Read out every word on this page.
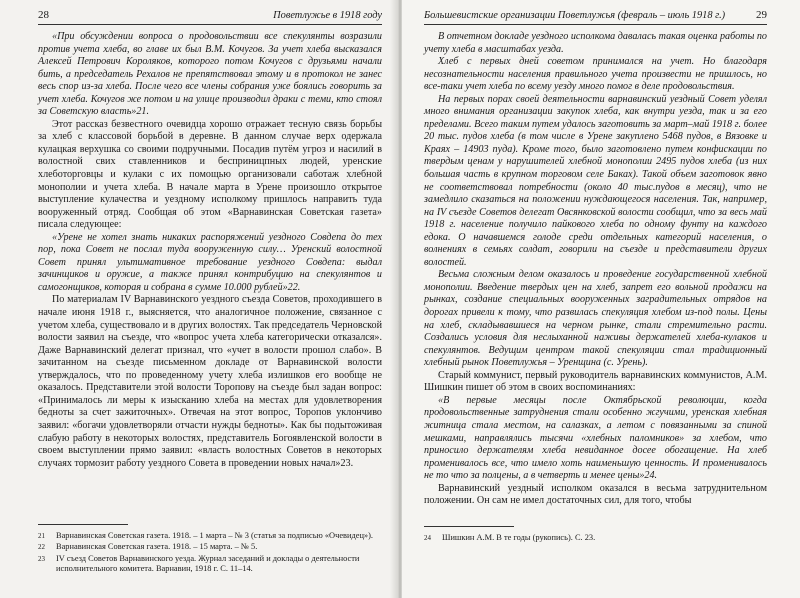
28	Поветлужье в 1918 году

«При обсуждении вопроса о продовольствии все спекулянты возразили против учета хлеба, во главе их был В.М. Кочугов. За учет хлеба высказался Алексей Петрович Короляков, которого потом Кочугов с друзьями начали бить, а председатель Рехалов не препятствовал этому и в протокол не занес весь спор из-за хлеба. После чего все члены собрания уже боялись говорить за учет хлеба. Кочугов же потом и на улице производил драки с теми, кто стоял за Советскую власть»21.

Этот рассказ безвестного очевидца хорошо отражает тесную связь борьбы за хлеб с классовой борьбой в деревне. В данном случае верх одержала кулацкая верхушка со своими подручными. Посадив путём угроз и насилий в волостной свих ставленников и бесприницпных людей, уренские хлеботорговцы и кулаки с их помощью организовали саботаж хлебной монополии и учета хлеба. В начале марта в Урене произошло открытое выступление кулачества и уездному исполкому пришлось направить туда вооруженный отряд. Сообщая об этом «Варнавинская Советская газета» писала следующее:

«Урене не хотел знать никаких распоряжений уездного Совдепа до тех пор, пока Совет не послал туда вооруженную силу… Уренский волостной Совет принял ультимативное требование уездного Совдепа: выдал зачинщиков и оружие, а также принял контрибуцию на спекулянтов и самогонщиков, которая и собрана в сумме 10.000 рублей»22.

По материалам IV Варнавинского уездного съезда Советов, проходившего в начале июня 1918 г., выясняется, что аналогичное положение, связанное с учетом хлеба, существовало и в других волостях. Так председатель Черновской волости заявил на съезде, что «вопрос учета хлеба категорически отказался». Даже Варнавинский делегат признал, что «учет в волости прошол слабо». В зачитанном на съезде письменном докладе от Варнавинской волости утверждалось, что по проведенному учету хлеба излишков его вообще не оказалось. Представители этой волости Торопову на съезде был задан вопрос: «Принималось ли меры к изысканию хлеба на местах для удовлетворения бедноты за счет зажиточных». Отвечая на этот вопрос, Торопов уклончиво заявил: «богачи удовлетворяли отчасти нужды бедноты». Как бы подытоживая слабую работу в некоторых волостях, представитель Богоявленской волости в своем выступлении прямо заявил: «власть волостных Советов в некоторых случаях тормозит работу уездного Совета в проведении новых начал»23.

21	Варнавинская Советская газета. 1918. – 1 марта – № 3 (статья за подписью «Очевидец»).
22	Варнавинская Советская газета. 1918. – 15 марта. – № 5.
23	IV съезд Советов Варнавинского уезда. Журнал заседаний и доклады о деятельности исполнительного комитета. Варнавин, 1918 г. С. 11–14.
Большевистские организации Поветлужья (февраль – июль 1918 г.)	29

В отчетном докладе уездного исполкома давалась такая оценка работы по учету хлеба в масштабах уезда.

Хлеб с первых дней советом принимался на учет. Но благодаря несознательности населения правильного учета произвести не пришлось, но все-таки учет хлеба по всему уезду много помог в деле продовольствия.

На первых порах своей деятельности варнавинский уездный Совет уделял много внимания организации закупок хлеба, как внутри уезда, так и за его пределами. Всего таким путем удалось заготовить за март–май 1918 г. более 20 тыс. пудов хлеба (в том числе в Урене закуплено 5468 пудов, в Вязовке и Краях – 14903 пуда). Кроме того, было заготовлено путем конфискации по твердым ценам у нарушителей хлебной монополии 2495 пудов хлеба (из них большая часть в крупном торговом селе Баках). Такой объем заготовок явно не соответствовал потребности (около 40 тыс.пудов в месяц), что не замедлило сказаться на положении нуждающегося населения. Так, например, на IV съезде Советов делегат Овсянковской волости сообщил, что за весь май 1918 г. население получило пайкового хлеба по одному фунту на каждого едока. О начавшемся голоде среди отдельных категорий населения, о волнениях в семьях солдат, говорили на съезде и представители других волостей.

Весьма сложным делом оказалось и проведение государственной хлебной монополии. Введение твердых цен на хлеб, запрет его вольной продажи на рынках, создание специальных вооруженных заградительных отрядов на дорогах привели к тому, что развилась спекуляция хлебом из-под полы. Цены на хлеб, складывавшиеся на черном рынке, стали стремительно расти. Создались условия для неслыханной наживы держателей хлеба-кулаков и спекулянтов. Ведущим центром такой спекуляции стал традиционный хлебный рынок Поветлужья – Уренщина (с. Урень).

Старый коммунист, первый руководитель варнавинских коммунистов, А.М. Шишкин пишет об этом в своих воспоминаниях:

«В первые месяцы после Октябрьской революции, когда продовольственные затруднения стали особенно жгучими, уренская хлебная житница стала местом, на салазках, а летом с повязанными за спиной мешками, направлялись тысячи «хлебных паломников» за хлебом, что приносило держателям хлеба невиданное досее обогащение. На хлеб променивалось все, что имело хоть наименьшую ценность. И променивалось не то что за полцены, а в четверть и менее цены»24.

Варнавинский уездный исполком оказался в весьма затруднительном положении. Он сам не имел достаточных сил, для того, чтобы

24	Шишкин А.М. В те годы (рукопись). С. 23.
